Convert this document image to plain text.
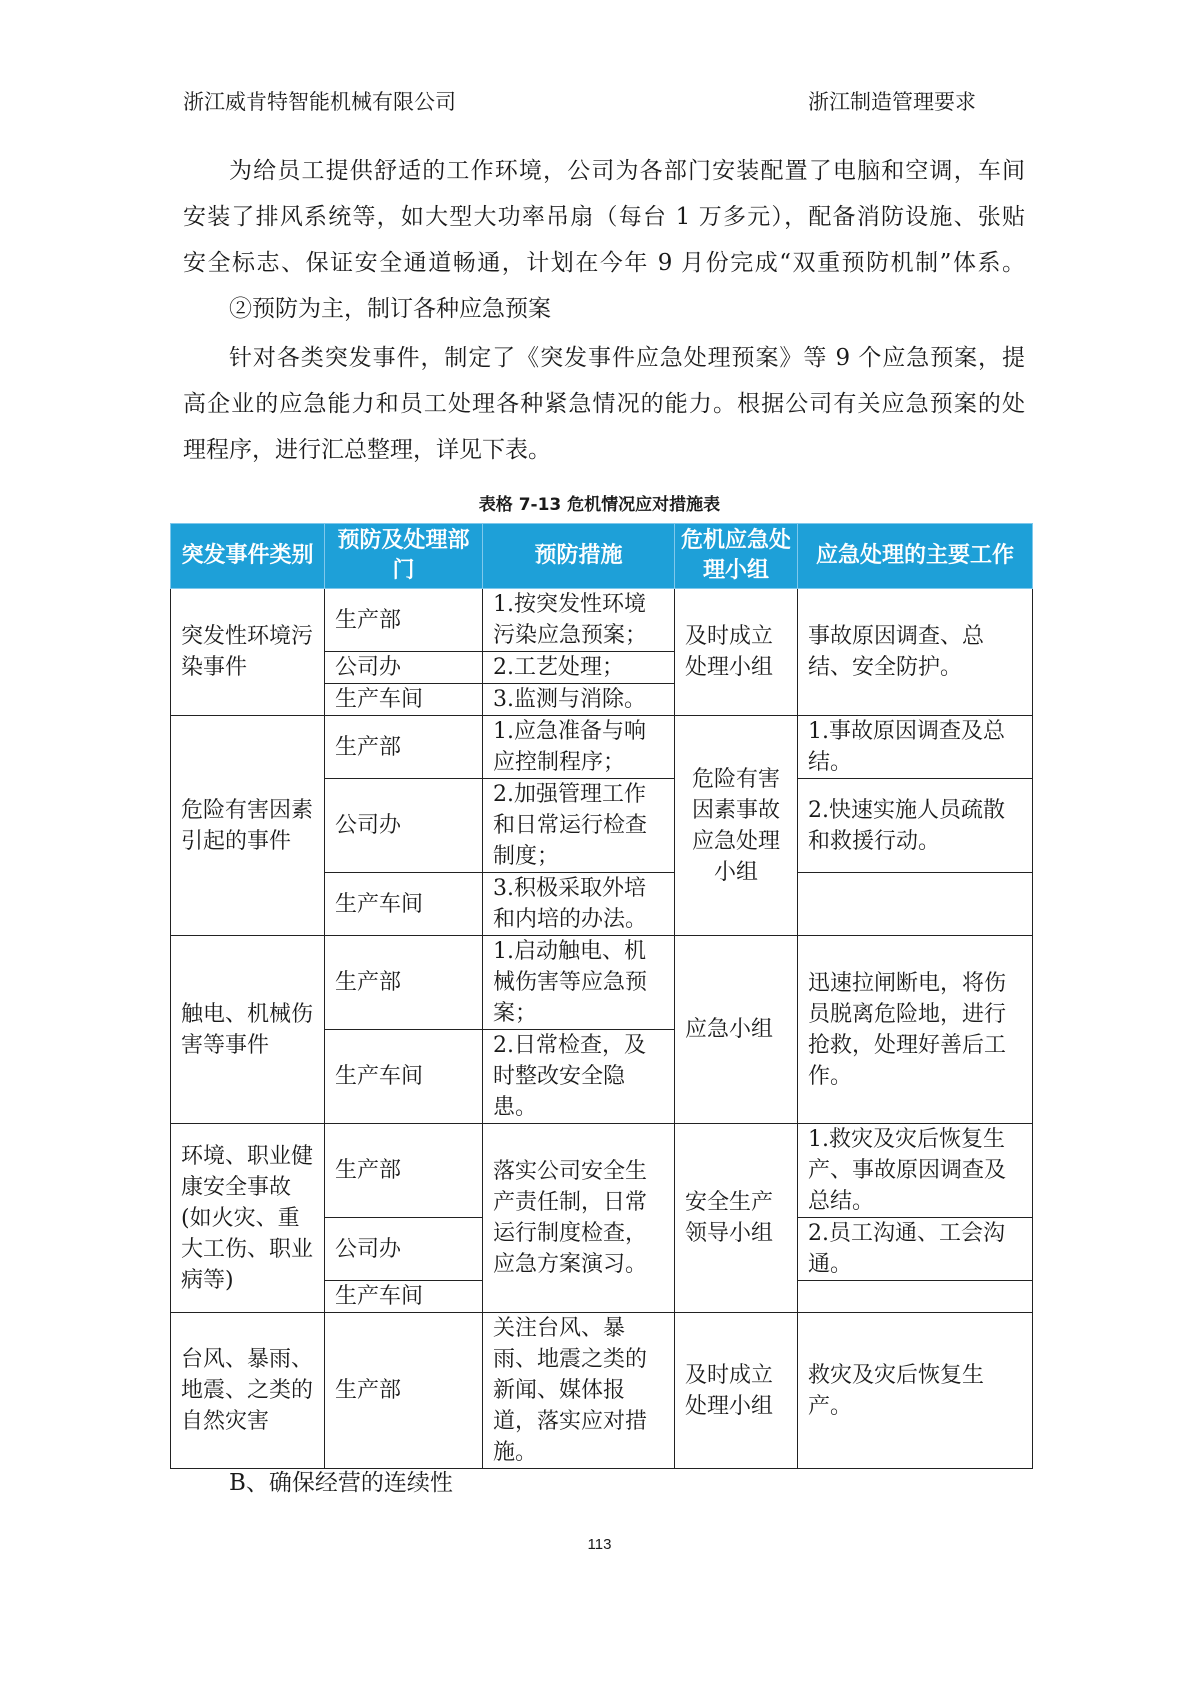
浙江威肯特智能机械有限公司	浙江制造管理要求
为给员工提供舒适的工作环境，公司为各部门安装配置了电脑和空调，车间
安装了排风系统等，如大型大功率吊扇（每台 1 万多元），配备消防设施、张贴
安全标志、保证安全通道畅通，计划在今年 9 月份完成“双重预防机制”体系。
②预防为主，制订各种应急预案
针对各类突发事件，制定了《突发事件应急处理预案》等 9 个应急预案，提
高企业的应急能力和员工处理各种紧急情况的能力。根据公司有关应急预案的处
理程序，进行汇总整理，详见下表。
表格 7-13 危机情况应对措施表
突发事件类别	预防及处理部门	预防措施	危机应急处理小组	应急处理的主要工作
突发性环境污染事件	生产部	1.按突发性环境污染应急预案；	及时成立处理小组	事故原因调查、总结、安全防护。
	公司办	2.工艺处理；		
	生产车间	3.监测与消除。		
危险有害因素引起的事件	生产部	1.应急准备与响应控制程序；	危险有害因素事故应急处理小组	1.事故原因调查及总结。
	公司办	2.加强管理工作和日常运行检查制度；		2.快速实施人员疏散和救援行动。
	生产车间	3.积极采取外培和内培的办法。		
触电、机械伤害等事件	生产部	1.启动触电、机械伤害等应急预案；	应急小组	迅速拉闸断电，将伤员脱离危险地，进行抢救，处理好善后工作。
	生产车间	2.日常检查，及时整改安全隐患。		
环境、职业健康安全事故(如火灾、重大工伤、职业病等)	生产部	落实公司安全生产责任制，日常运行制度检查，应急方案演习。	安全生产领导小组	1.救灾及灾后恢复生产、事故原因调查及总结。
	公司办			2.员工沟通、工会沟通。
	生产车间			
台风、暴雨、地震、之类的自然灾害	生产部	关注台风、暴雨、地震之类的新闻、媒体报道，落实应对措施。	及时成立处理小组	救灾及灾后恢复生产。
B、确保经营的连续性
113
